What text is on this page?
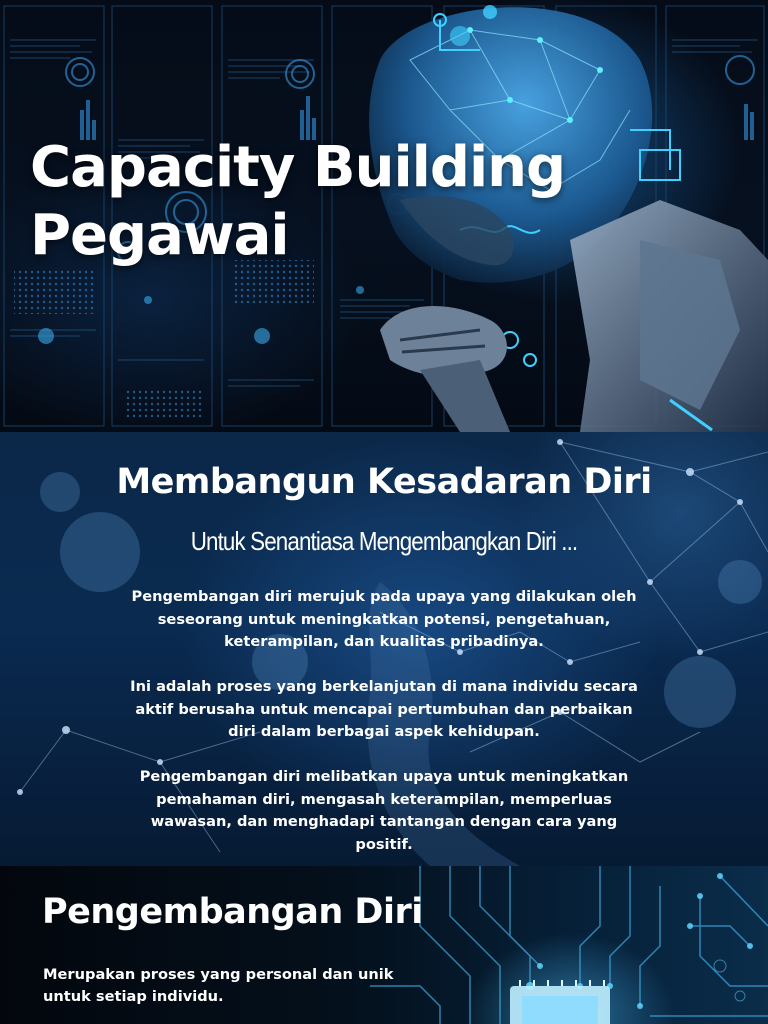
Capacity Building
Pegawai
Membangun Kesadaran Diri
Untuk Senantiasa Mengembangkan Diri ...

Pengembangan diri merujuk pada upaya yang dilakukan oleh seseorang untuk meningkatkan potensi, pengetahuan, keterampilan, dan kualitas pribadinya.

Ini adalah proses yang berkelanjutan di mana individu secara aktif berusaha untuk mencapai pertumbuhan dan perbaikan diri dalam berbagai aspek kehidupan.

Pengembangan diri melibatkan upaya untuk meningkatkan pemahaman diri, mengasah keterampilan, memperluas wawasan, dan menghadapi tantangan dengan cara yang positif.

Pengembangan Diri

Merupakan proses yang personal dan unik untuk setiap individu.
